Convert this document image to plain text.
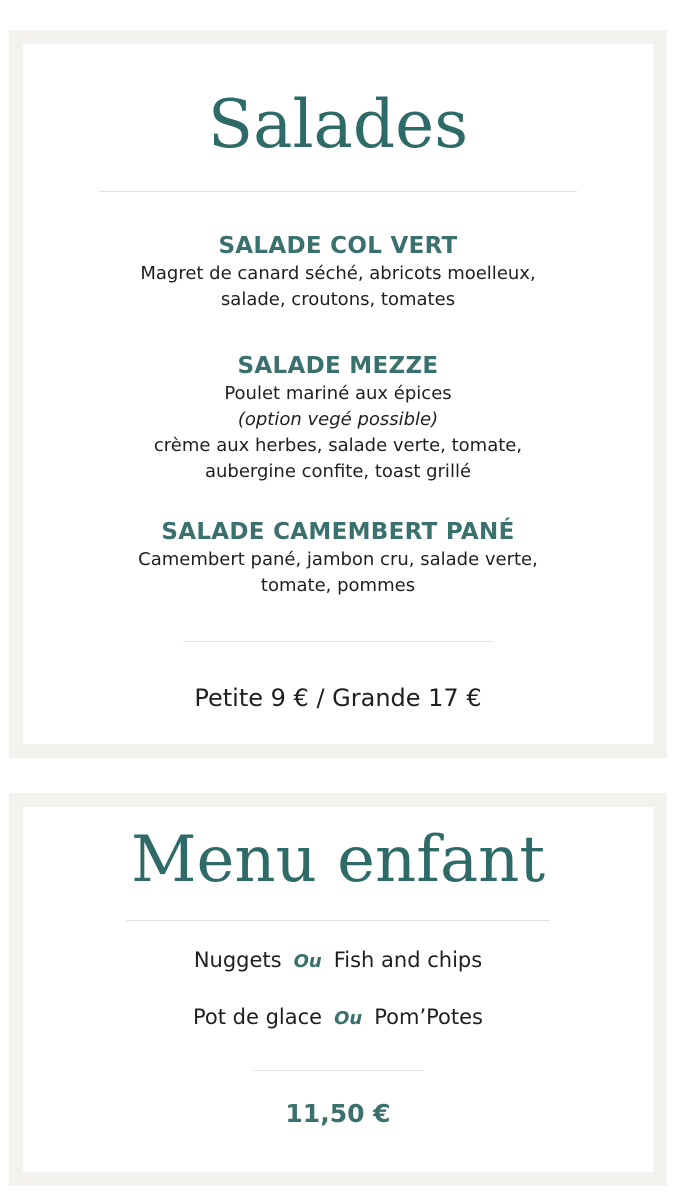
Salades
SALADE COL VERT
Magret de canard séché, abricots moelleux,
salade, croutons, tomates
SALADE MEZZE
Poulet mariné aux épices
(option vegé possible)
crème aux herbes, salade verte, tomate,
aubergine confite, toast grillé
SALADE CAMEMBERT PANÉ
Camembert pané, jambon cru, salade verte,
tomate, pommes
Petite 9 € / Grande 17 €
Menu enfant
Nuggets Ou Fish and chips
Pot de glace Ou Pom’Potes
11,50 €
